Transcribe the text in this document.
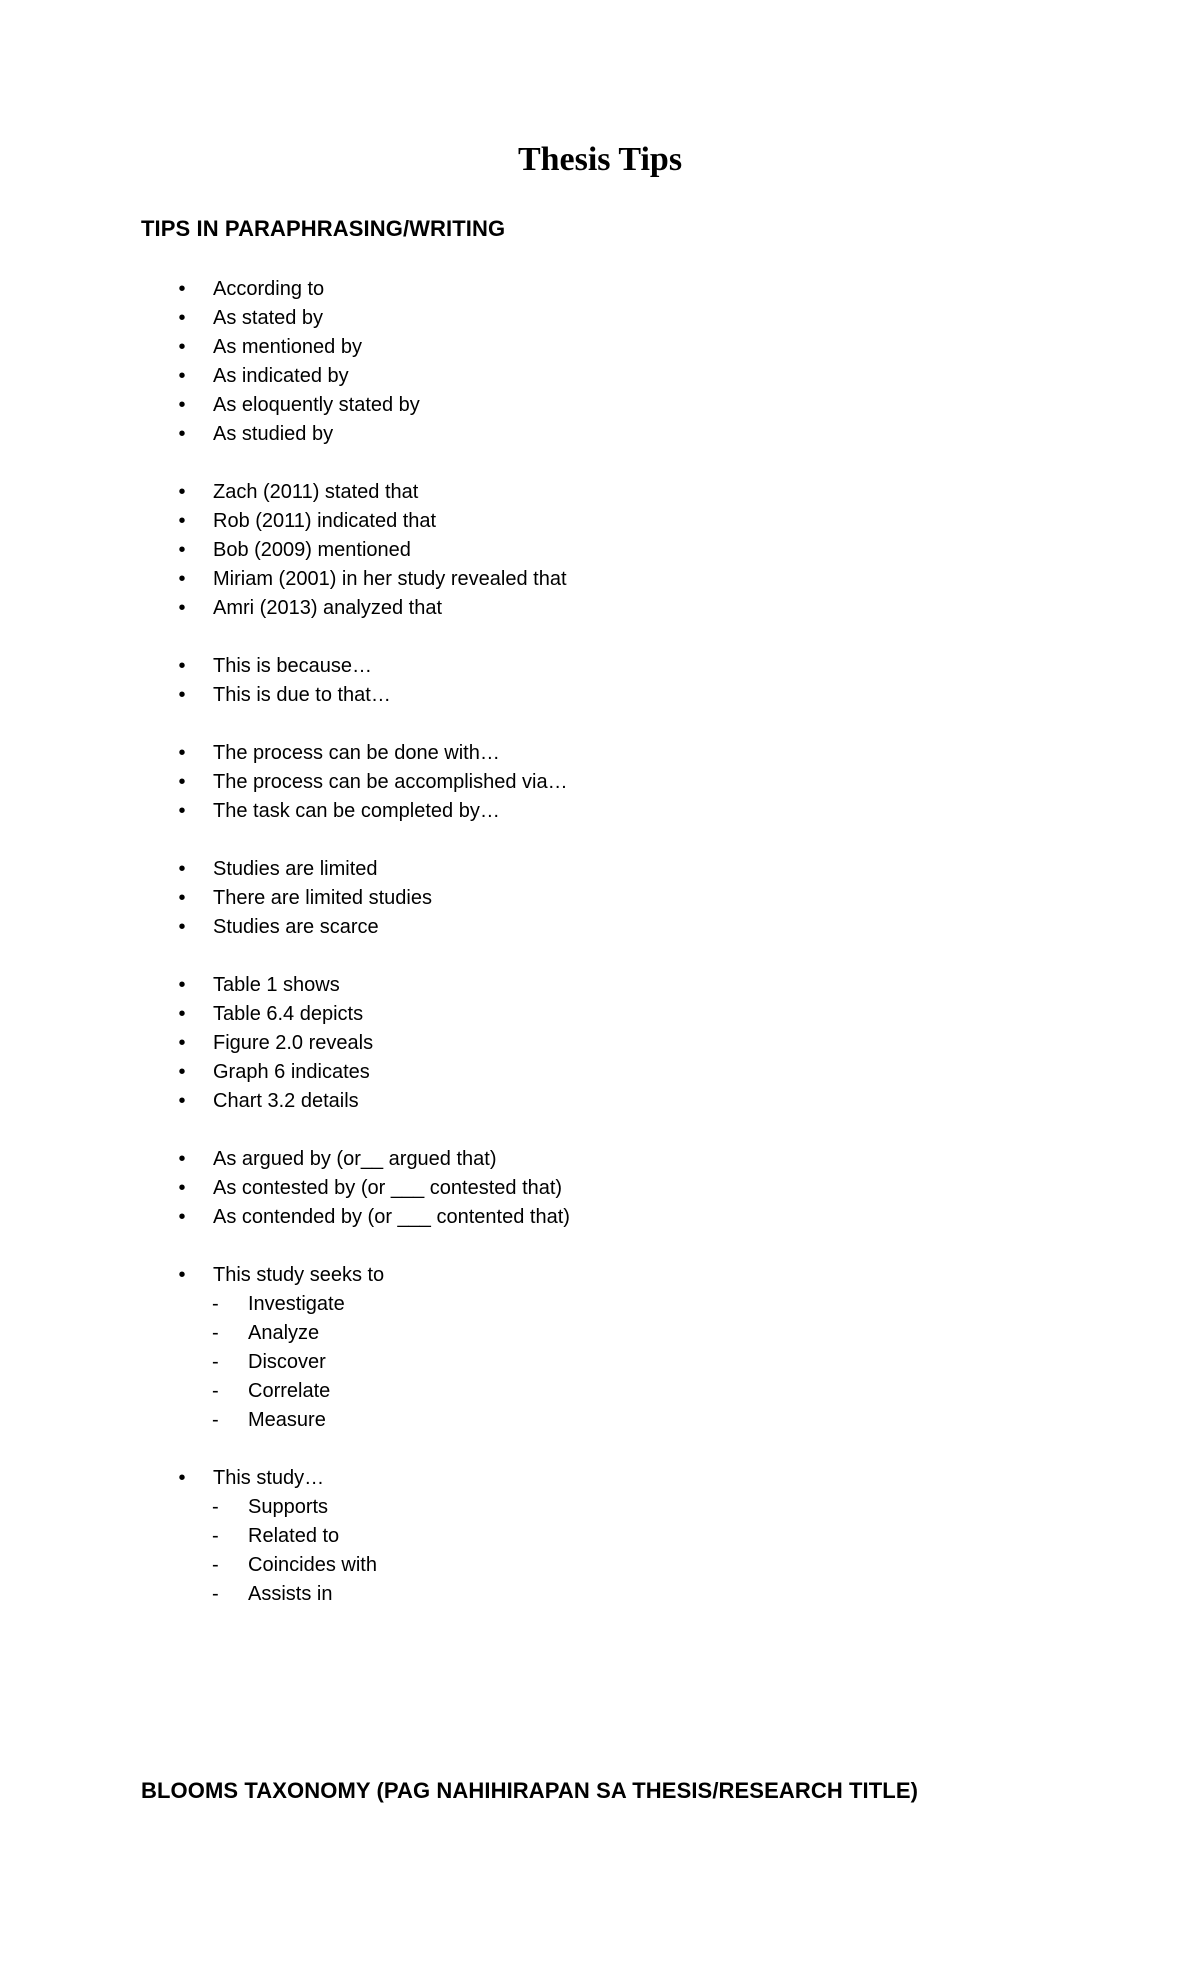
Thesis Tips
TIPS IN PARAPHRASING/WRITING
• According to
• As stated by
• As mentioned by
• As indicated by
• As eloquently stated by
• As studied by
• Zach (2011) stated that
• Rob (2011) indicated that
• Bob (2009) mentioned
• Miriam (2001) in her study revealed that
• Amri (2013) analyzed that
• This is because…
• This is due to that…
• The process can be done with…
• The process can be accomplished via…
• The task can be completed by…
• Studies are limited
• There are limited studies
• Studies are scarce
• Table 1 shows
• Table 6.4 depicts
• Figure 2.0 reveals
• Graph 6 indicates
• Chart 3.2 details
• As argued by (or__ argued that)
• As contested by (or ___ contested that)
• As contended by (or ___ contented that)
• This study seeks to
- Investigate
- Analyze
- Discover
- Correlate
- Measure
• This study…
- Supports
- Related to
- Coincides with
- Assists in
BLOOMS TAXONOMY (PAG NAHIHIRAPAN SA THESIS/RESEARCH TITLE)
